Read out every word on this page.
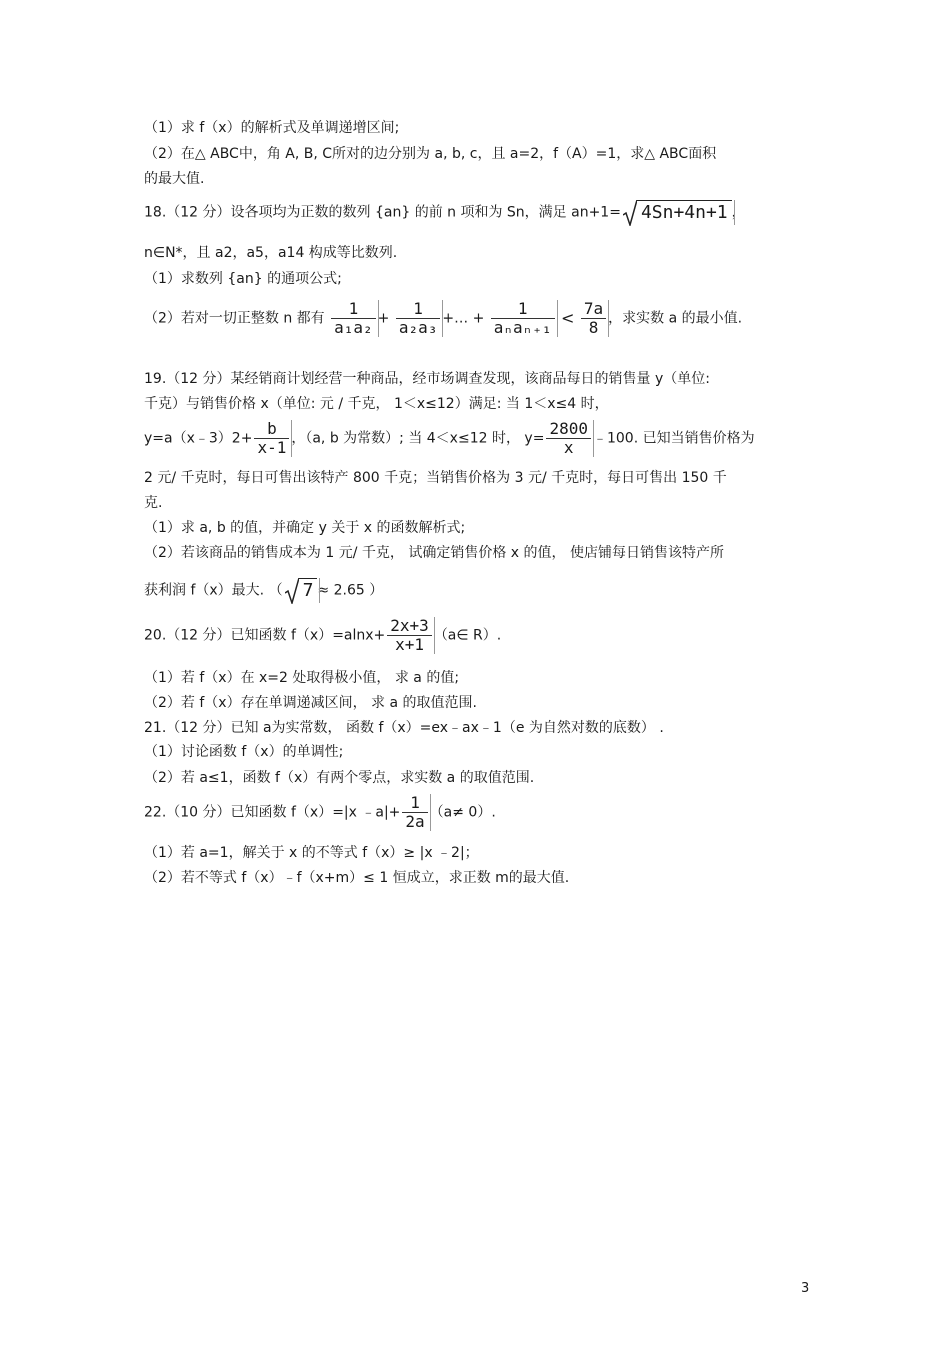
（1）求 f（x）的解析式及单调递增区间;
（2）在△ ABC中，角 A, B, C所对的边分别为 a, b, c，且 a=2，f（A）=1，求△ ABC面积
的最大值.
18.（12 分）设各项均为正数的数列 {an} 的前 n 项和为 Sn，满足 an+1= 4Sn+4n+1 ，
n∈N*，且 a2，a5，a14 构成等比数列.
（1）求数列 {an} 的通项公式;
（2）若对一切正整数 n 都有 $\frac{1}{\text{a₁a₂}} + \frac{1}{\text{a₂a₃}}$ +… + $\frac{1}{\text{aₙaₙ₊₁}} < \frac{7a}{8}$ ，求实数 a 的最小值.
19.（12 分）某经销商计划经营一种商品，经市场调查发现，该商品每日的销售量 y（单位:
千克）与销售价格 x（单位: 元 / 千克， 1＜x≤12）满足: 当 1＜x≤4 时，
y=a（x﹣3）2+ $\frac{b}{x-1}$ ，（a, b 为常数）; 当 4＜x≤12 时， $y= \frac{2800}{x}$ ﹣100. 已知当销售价格为
2 元/ 千克时，每日可售出该特产 800 千克；当销售价格为 3 元/ 千克时，每日可售出 150 千
克.
（1）求 a, b 的值，并确定 y 关于 x 的函数解析式;
（2）若该商品的销售成本为 1 元/ 千克， 试确定销售价格 x 的值， 使店铺每日销售该特产所
获利润 f（x）最大. （ 7 ≈ 2.65 ）
20.（12 分）已知函数 $f(x)=alnx+ \frac{2x+3}{x+1}$ （a∈ R）.
（1）若 f（x）在 x=2 处取得极小值， 求 a 的值;
（2）若 f（x）存在单调递减区间， 求 a 的取值范围.
21.（12 分）已知 a为实常数， 函数 f（x）=ex﹣ax﹣1（e 为自然对数的底数） .
（1）讨论函数 f（x）的单调性;
（2）若 a≤1，函数 f（x）有两个零点，求实数 a 的取值范围.
22.（10 分）已知函数 f（x）=|x ﹣a|+ $\frac{1}{2a} (a\ne 0)$.
（1）若 a=1，解关于 x 的不等式 f（x）≥ |x ﹣2|；
（2）若不等式 f（x）﹣f（x+m）≤ 1 恒成立，求正数 m的最大值.
3
